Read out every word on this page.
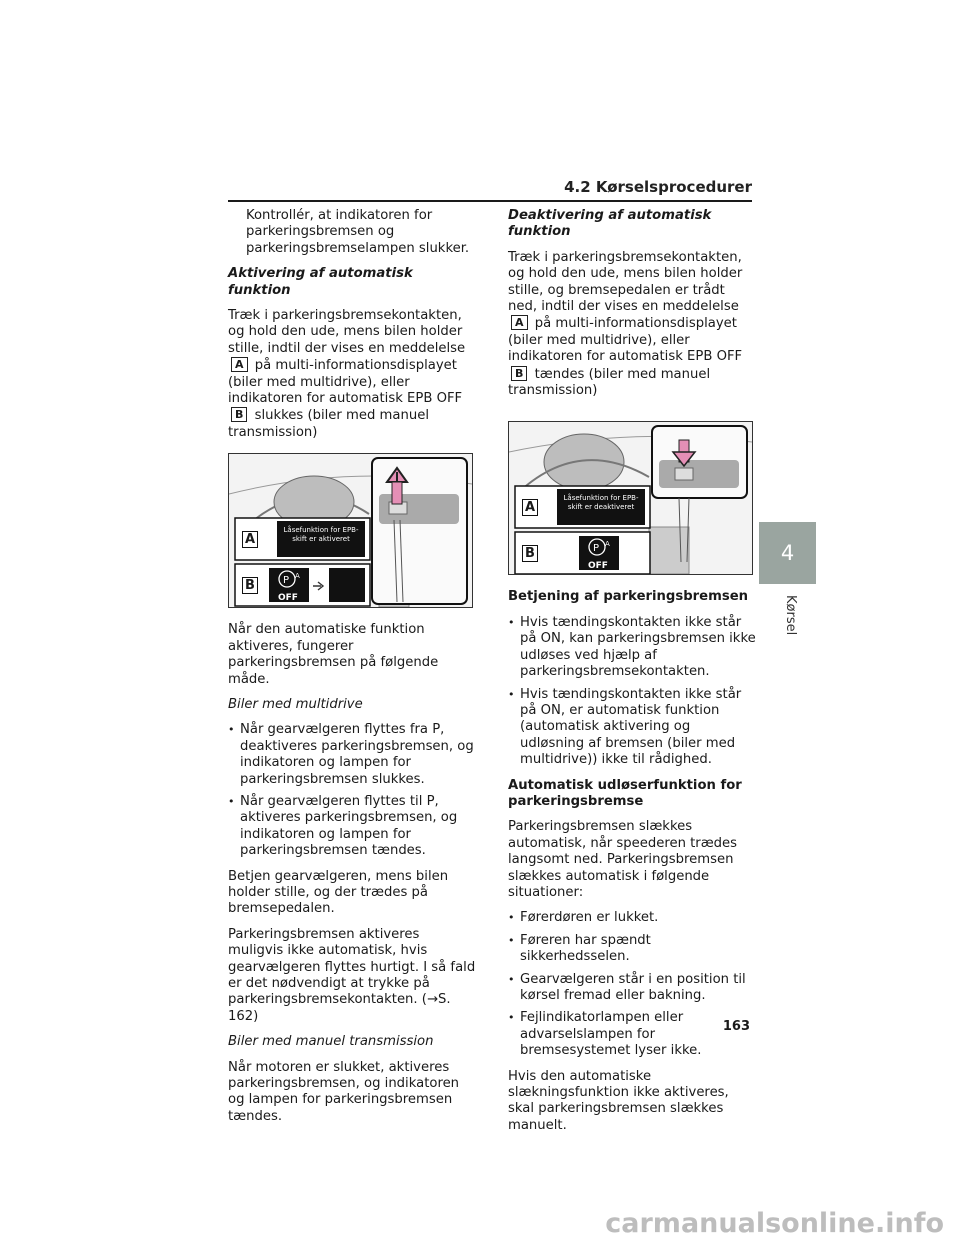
4.2 Kørselsprocedurer

Kontrollér, at indikatoren for parkeringsbremsen og parkeringsbremselampen slukker.

Aktivering af automatisk funktion

Træk i parkeringsbremsekontakten, og hold den ude, mens bilen holder stille, indtil der vises en meddelelse A på multi-informationsdisplayet (biler med multidrive), eller indikatoren for automatisk EPB OFF B slukkes (biler med manuel transmission)

A
B
Låsefunktion for EPB-skift er aktiveret
P A
OFF

Når den automatiske funktion aktiveres, fungerer parkeringsbremsen på følgende måde.

Biler med multidrive

• Når gearvælgeren flyttes fra P, deaktiveres parkeringsbremsen, og indikatoren og lampen for parkeringsbremsen slukkes.
• Når gearvælgeren flyttes til P, aktiveres parkeringsbremsen, og indikatoren og lampen for parkeringsbremsen tændes.

Betjen gearvælgeren, mens bilen holder stille, og der trædes på bremsepedalen.

Parkeringsbremsen aktiveres muligvis ikke automatisk, hvis gearvælgeren flyttes hurtigt. I så fald er det nødvendigt at trykke på parkeringsbremsekontakten. (→S. 162)

Biler med manuel transmission

Når motoren er slukket, aktiveres parkeringsbremsen, og indikatoren og lampen for parkeringsbremsen tændes.

Deaktivering af automatisk funktion

Træk i parkeringsbremsekontakten, og hold den ude, mens bilen holder stille, og bremsepedalen er trådt ned, indtil der vises en meddelelse A på multi-informationsdisplayet (biler med multidrive), eller indikatoren for automatisk EPB OFF B tændes (biler med manuel transmission)

A
B
Låsefunktion for EPB-skift er deaktiveret
P A
OFF

Betjening af parkeringsbremsen

• Hvis tændingskontakten ikke står på ON, kan parkeringsbremsen ikke udløses ved hjælp af parkeringsbremsekontakten.
• Hvis tændingskontakten ikke står på ON, er automatisk funktion (automatisk aktivering og udløsning af bremsen (biler med multidrive)) ikke til rådighed.

Automatisk udløserfunktion for parkeringsbremse

Parkeringsbremsen slækkes automatisk, når speederen trædes langsomt ned. Parkeringsbremsen slækkes automatisk i følgende situationer:

• Førerdøren er lukket.
• Føreren har spændt sikkerhedsselen.
• Gearvælgeren står i en position til kørsel fremad eller bakning.
• Fejlindikatorlampen eller advarselslampen for bremsesystemet lyser ikke.

Hvis den automatiske slækningsfunktion ikke aktiveres, skal parkeringsbremsen slækkes manuelt.

4
Kørsel
163
carmanualsonline.info
